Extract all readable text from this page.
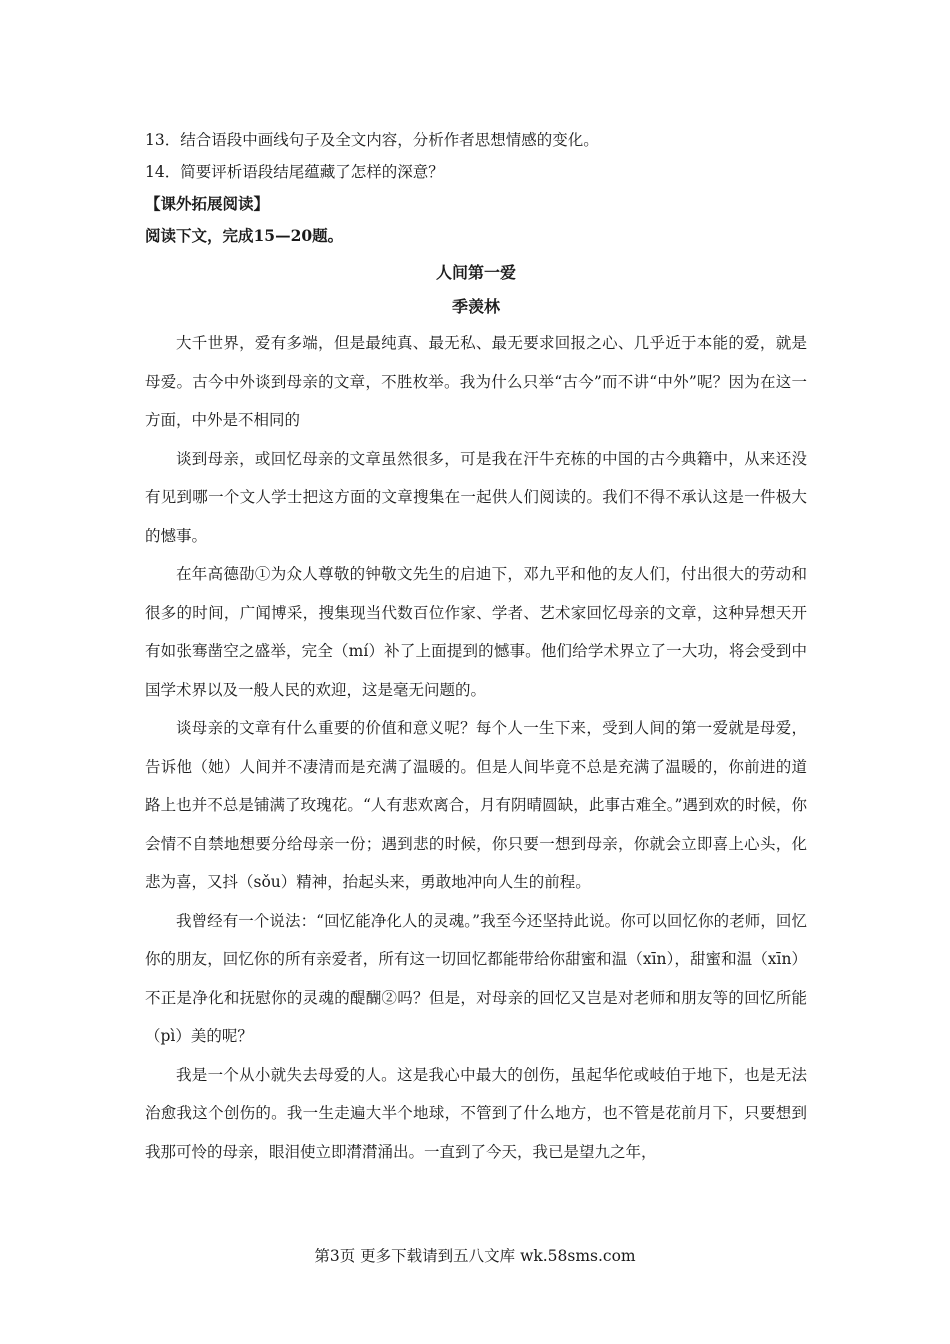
13．结合语段中画线句子及全文内容，分析作者思想情感的变化。

14．简要评析语段结尾蕴藏了怎样的深意？

【课外拓展阅读】

阅读下文，完成15—20题。

人间第一爱

季羡林

大千世界，爱有多端，但是最纯真、最无私、最无要求回报之心、几乎近于本能的爱，就是母爱。古今中外谈到母亲的文章，不胜枚举。我为什么只举“古今”而不讲“中外”呢？因为在这一方面，中外是不相同的

谈到母亲，或回忆母亲的文章虽然很多，可是我在汗牛充栋的中国的古今典籍中，从来还没有见到哪一个文人学士把这方面的文章搜集在一起供人们阅读的。我们不得不承认这是一件极大的憾事。

在年高德劭①为众人尊敬的钟敬文先生的启迪下，邓九平和他的友人们，付出很大的劳动和很多的时间，广闻博采，搜集现当代数百位作家、学者、艺术家回忆母亲的文章，这种异想天开有如张骞凿空之盛举，完全（mí）补了上面提到的憾事。他们给学术界立了一大功，将会受到中国学术界以及一般人民的欢迎，这是毫无问题的。

谈母亲的文章有什么重要的价值和意义呢？每个人一生下来，受到人间的第一爱就是母爱，告诉他（她）人间并不凄清而是充满了温暖的。但是人间毕竟不总是充满了温暖的，你前进的道路上也并不总是铺满了玫瑰花。“人有悲欢离合，月有阴晴圆缺，此事古难全。”遇到欢的时候，你会情不自禁地想要分给母亲一份；遇到悲的时候，你只要一想到母亲，你就会立即喜上心头，化悲为喜，又抖（sǒu）精神，抬起头来，勇敢地冲向人生的前程。

我曾经有一个说法：“回忆能净化人的灵魂。”我至今还坚持此说。你可以回忆你的老师，回忆你的朋友，回忆你的所有亲爱者，所有这一切回忆都能带给你甜蜜和温（xīn），甜蜜和温（xīn）不正是净化和抚慰你的灵魂的醍醐②吗？但是，对母亲的回忆又岂是对老师和朋友等的回忆所能（pì）美的呢？

我是一个从小就失去母爱的人。这是我心中最大的创伤，虽起华佗或岐伯于地下，也是无法治愈我这个创伤的。我一生走遍大半个地球，不管到了什么地方，也不管是花前月下，只要想到我那可怜的母亲，眼泪使立即潸潸涌出。一直到了今天，我已是望九之年，

第3页 更多下载请到五八文库 wk.58sms.com
